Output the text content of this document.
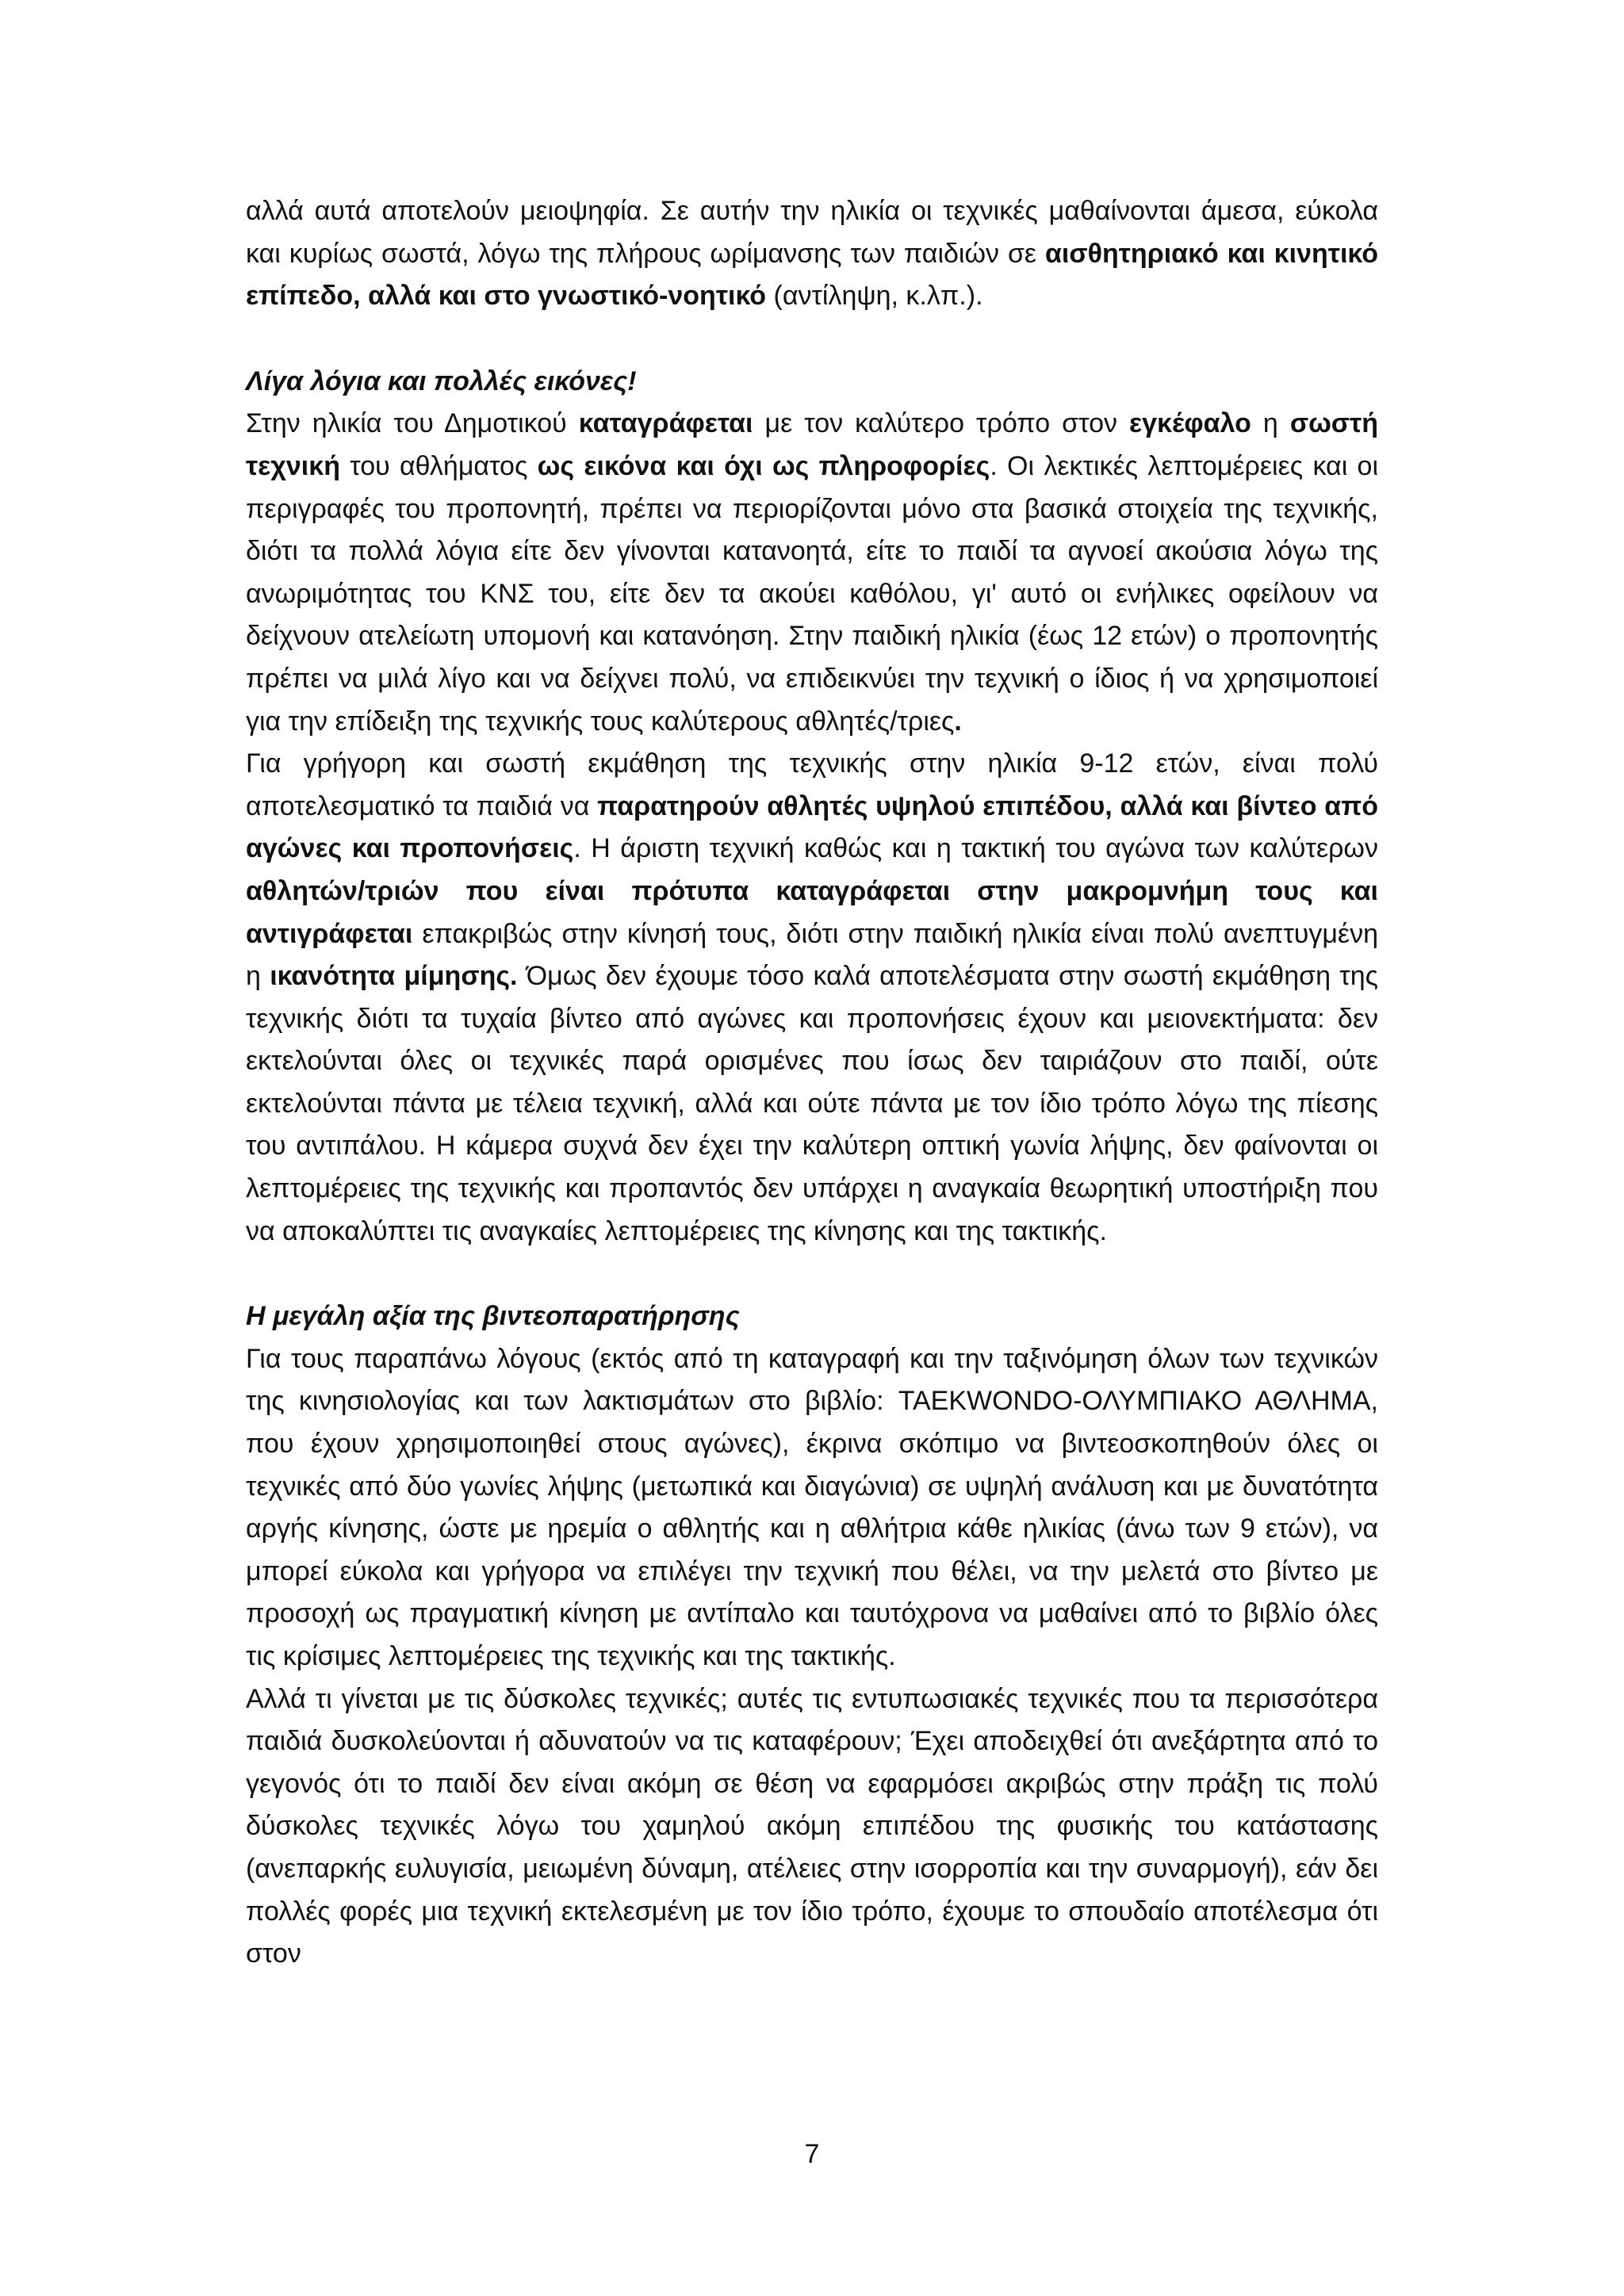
αλλά αυτά αποτελούν μειοψηφία. Σε αυτήν την ηλικία οι τεχνικές μαθαίνονται άμεσα, εύκολα και κυρίως σωστά, λόγω της πλήρους ωρίμανσης των παιδιών σε αισθητηριακό και κινητικό επίπεδο, αλλά και στο γνωστικό-νοητικό (αντίληψη, κ.λπ.).

Λίγα λόγια και πολλές εικόνες!

Στην ηλικία του Δημοτικού καταγράφεται με τον καλύτερο τρόπο στον εγκέφαλο η σωστή τεχνική του αθλήματος ως εικόνα και όχι ως πληροφορίες. Οι λεκτικές λεπτομέρειες και οι περιγραφές του προπονητή, πρέπει να περιορίζονται μόνο στα βασικά στοιχεία της τεχνικής, διότι τα πολλά λόγια είτε δεν γίνονται κατανοητά, είτε το παιδί τα αγνοεί ακούσια λόγω της ανωριμότητας του ΚΝΣ του, είτε δεν τα ακούει καθόλου, γι' αυτό οι ενήλικες οφείλουν να δείχνουν ατελείωτη υπομονή και κατανόηση. Στην παιδική ηλικία (έως 12 ετών) ο προπονητής πρέπει να μιλά λίγο και να δείχνει πολύ, να επιδεικνύει την τεχνική ο ίδιος ή να χρησιμοποιεί για την επίδειξη της τεχνικής τους καλύτερους αθλητές/τριες.

Για γρήγορη και σωστή εκμάθηση της τεχνικής στην ηλικία 9-12 ετών, είναι πολύ αποτελεσματικό τα παιδιά να παρατηρούν αθλητές υψηλού επιπέδου, αλλά και βίντεο από αγώνες και προπονήσεις. Η άριστη τεχνική καθώς και η τακτική του αγώνα των καλύτερων αθλητών/τριών που είναι πρότυπα καταγράφεται στην μακρομνήμη τους και αντιγράφεται επακριβώς στην κίνησή τους, διότι στην παιδική ηλικία είναι πολύ ανεπτυγμένη η ικανότητα μίμησης. Όμως δεν έχουμε τόσο καλά αποτελέσματα στην σωστή εκμάθηση της τεχνικής διότι τα τυχαία βίντεο από αγώνες και προπονήσεις έχουν και μειονεκτήματα: δεν εκτελούνται όλες οι τεχνικές παρά ορισμένες που ίσως δεν ταιριάζουν στο παιδί, ούτε εκτελούνται πάντα με τέλεια τεχνική, αλλά και ούτε πάντα με τον ίδιο τρόπο λόγω της πίεσης του αντιπάλου. Η κάμερα συχνά δεν έχει την καλύτερη οπτική γωνία λήψης, δεν φαίνονται οι λεπτομέρειες της τεχνικής και προπαντός δεν υπάρχει η αναγκαία θεωρητική υποστήριξη που να αποκαλύπτει τις αναγκαίες λεπτομέρειες της κίνησης και της τακτικής.

Η μεγάλη αξία της βιντεοπαρατήρησης

Για τους παραπάνω λόγους (εκτός από τη καταγραφή και την ταξινόμηση όλων των τεχνικών της κινησιολογίας και των λακτισμάτων στο βιβλίο: TAEKWONDO-ΟΛΥΜΠΙΑΚΟ ΑΘΛΗΜΑ, που έχουν χρησιμοποιηθεί στους αγώνες), έκρινα σκόπιμο να βιντεοσκοπηθούν όλες οι τεχνικές από δύο γωνίες λήψης (μετωπικά και διαγώνια) σε υψηλή ανάλυση και με δυνατότητα αργής κίνησης, ώστε με ηρεμία ο αθλητής και η αθλήτρια κάθε ηλικίας (άνω των 9 ετών), να μπορεί εύκολα και γρήγορα να επιλέγει την τεχνική που θέλει, να την μελετά στο βίντεο με προσοχή ως πραγματική κίνηση με αντίπαλο και ταυτόχρονα να μαθαίνει από το βιβλίο όλες τις κρίσιμες λεπτομέρειες της τεχνικής και της τακτικής.

Αλλά τι γίνεται με τις δύσκολες τεχνικές; αυτές τις εντυπωσιακές τεχνικές που τα περισσότερα παιδιά δυσκολεύονται ή αδυνατούν να τις καταφέρουν; Έχει αποδειχθεί ότι ανεξάρτητα από το γεγονός ότι το παιδί δεν είναι ακόμη σε θέση να εφαρμόσει ακριβώς στην πράξη τις πολύ δύσκολες τεχνικές λόγω του χαμηλού ακόμη επιπέδου της φυσικής του κατάστασης (ανεπαρκής ευλυγισία, μειωμένη δύναμη, ατέλειες στην ισορροπία και την συναρμογή), εάν δει πολλές φορές μια τεχνική εκτελεσμένη με τον ίδιο τρόπο, έχουμε το σπουδαίο αποτέλεσμα ότι στον

7
